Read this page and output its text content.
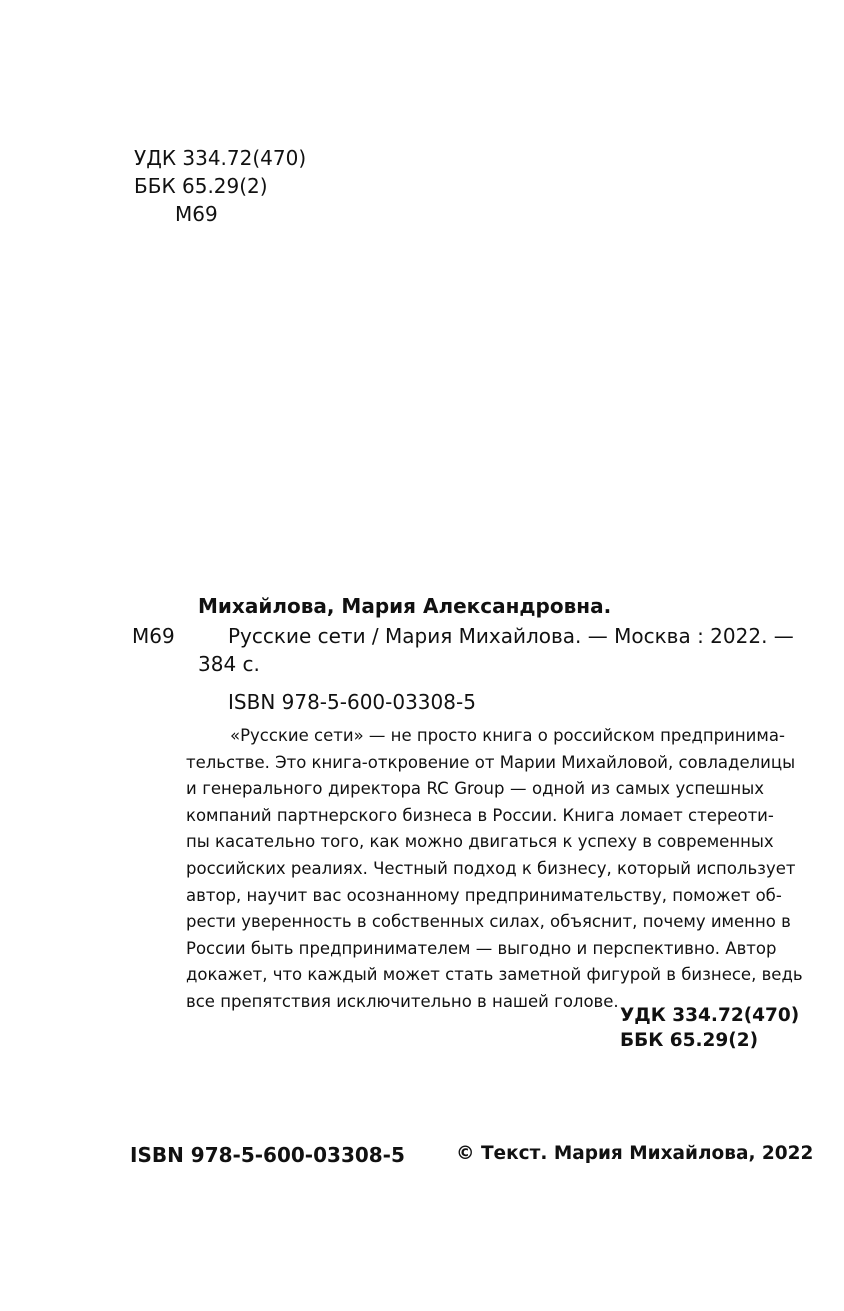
УДК 334.72(470)
ББК 65.29(2)
М69
Михайлова, Мария Александровна.
М69	Русские сети / Мария Михайлова. — Москва : 2022. —
384 с.
ISBN 978-5-600-03308-5
«Русские сети» — не просто книга о российском предпринима-
тельстве. Это книга-откровение от Марии Михайловой, совладелицы
и генерального директора RC Group — одной из самых успешных
компаний партнерского бизнеса в России. Книга ломает стереоти-
пы касательно того, как можно двигаться к успеху в современных
российских реалиях. Честный подход к бизнесу, который использует
автор, научит вас осознанному предпринимательству, поможет об-
рести уверенность в собственных силах, объяснит, почему именно в
России быть предпринимателем — выгодно и перспективно. Автор
докажет, что каждый может стать заметной фигурой в бизнесе, ведь
все препятствия исключительно в нашей голове.
УДК 334.72(470)
ББК 65.29(2)
ISBN 978-5-600-03308-5	© Текст. Мария Михайлова, 2022
